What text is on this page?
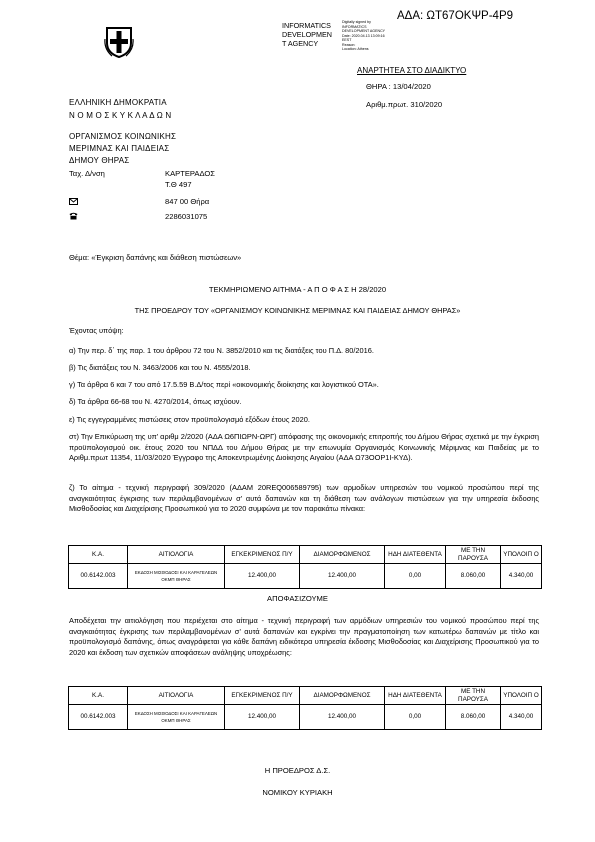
ΑΔΑ: ΩΤ67ΟΚΨΡ-4Ρ9
INFORMATICS
DEVELOPMEN
T AGENCY
Digitally signed by
INFORMATICS
DEVELOPMENT AGENCY
Date: 2020.04.13 13:09:16
EEST
Reason:
Location: Athens
ΑΝΑΡΤΗΤΕΑ ΣΤΟ ΔΙΑΔΙΚΤΥΟ
ΘΗΡΑ : 13/04/2020
Αριθμ.πρωτ. 310/2020
ΕΛΛΗΝΙΚΗ ΔΗΜΟΚΡΑΤΙΑ
Ν Ο Μ Ο Σ Κ Υ Κ Λ Α Δ Ω Ν
ΟΡΓΑΝΙΣΜΟΣ ΚΟΙΝΩΝΙΚΗΣ
ΜΕΡΙΜΝΑΣ ΚΑΙ ΠΑΙΔΕΙΑΣ
ΔΗΜΟΥ ΘΗΡΑΣ
Ταχ. Δ/νση	ΚΑΡΤΕΡΑΔΟΣ
Τ.Θ 497
847 00 Θήρα
2286031075
Θέμα: «Έγκριση δαπάνης και διάθεση πιστώσεων»
ΤΕΚΜΗΡΙΩΜΕΝΟ ΑΙΤΗΜΑ - Α Π Ο Φ Α Σ Η 28/2020
ΤΗΣ ΠΡΟΕΔΡΟΥ ΤΟΥ «ΟΡΓΑΝΙΣΜΟΥ ΚΟΙΝΩΝΙΚΗΣ ΜΕΡΙΜΝΑΣ ΚΑΙ ΠΑΙΔΕΙΑΣ ΔΗΜΟΥ ΘΗΡΑΣ»
Έχοντας υπόψη:
α) Την περ. δ΄ της παρ. 1 του άρθρου 72 του Ν. 3852/2010 και τις διατάξεις του Π.Δ. 80/2016.
β) Τις διατάξεις του Ν. 3463/2006 και του Ν. 4555/2018.
γ) Τα άρθρα 6 και 7 του από 17.5.59 Β.Δ/τος περί «οικονομικής διοίκησης και λογιστικού ΟΤΑ».
δ) Τα άρθρα 66-68 του Ν. 4270/2014, όπως ισχύουν.
ε) Τις εγγεγραμμένες πιστώσεις στον προϋπολογισμό εξόδων έτους 2020.
στ) Την Επικύρωση της υπ’ αριθμ 2/2020 (ΑΔΑ Ω6ΠΙΩΡΝ-ΩΡΓ) απόφασης της οικονομικής επιτροπής του Δήμου Θήρας σχετικά με την έγκριση προϋπολογισμού οικ. έτους 2020 του ΝΠΔΔ του Δήμου Θήρας με την επωνυμία Οργανισμός Κοινωνικής Μέριμνας και Παιδείας με το Αριθμ.πρωτ 11354, 11/03/2020 Έγγραφο της Αποκεντρωμένης Διοίκησης Αιγαίου (ΑΔΑ Ω73ΟΟΡ1Ι-ΚΥΔ).
ζ) Το αίτημα - τεχνική περιγραφή 309/2020 (ΑΔΑΜ 20REQ006589795) των αρμοδίων υπηρεσιών του νομικού προσώπου περί της αναγκαιότητας έγκρισης των περιλαμβανομένων σ’ αυτά δαπανών και τη διάθεση των ανάλογων πιστώσεων για την υπηρεσία έκδοσης Μισθοδοσίας και Διαχείρισης Προσωπικού για το 2020 συμφώνα με τον παρακάτω πίνακα:
Κ.Α.	ΑΙΤΙΟΛΟΓΙΑ	ΕΓΚΕΚΡΙΜΕΝΟΣ Π/Υ	ΔΙΑΜΟΡΦΩΜΕΝΟΣ	ΗΔΗ ΔΙΑΤΕΘΕΝΤΑ	ΜΕ ΤΗΝ ΠΑΡΟΥΣΑ	ΥΠΟΛΟΙΠ Ο
00.6142.003	ΕΚΔΟΣΗ ΜΙΣΘΟΔΟΣΙ ΚΑΙ ΚΑΡΑΓΕΛΕΩΝ ΟΚΜΠ ΘΗΡΑΣ	12.400,00	12.400,00	0,00	8.060,00	4.340,00
ΑΠΟΦΑΣΙΖΟΥΜΕ
Αποδέχεται την αιτιολόγηση που περιέχεται στο αίτημα - τεχνική περιγραφή των αρμόδιων υπηρεσιών του νομικού προσώπου περί της αναγκαιότητας έγκρισης των περιλαμβανομένων σ’ αυτά δαπανών και εγκρίνει την πραγματοποίηση των κατωτέρω δαπανών με τίτλο και προϋπολογισμό δαπάνης, όπως αναγράφεται για κάθε δαπάνη ειδικότερα υπηρεσία έκδοσης Μισθοδοσίας και Διαχείρισης Προσωπικού για το 2020 και έκδοση των σχετικών αποφάσεων ανάληψης υποχρέωσης:
Κ.Α.	ΑΙΤΙΟΛΟΓΙΑ	ΕΓΚΕΚΡΙΜΕΝΟΣ Π/Υ	ΔΙΑΜΟΡΦΩΜΕΝΟΣ	ΗΔΗ ΔΙΑΤΕΘΕΝΤΑ	ΜΕ ΤΗΝ ΠΑΡΟΥΣΑ	ΥΠΟΛΟΙΠ Ο
00.6142.003	ΕΚΔΟΣΗ ΜΙΣΘΟΔΟΣΙ ΚΑΙ ΚΑΡΑΓΕΛΕΩΝ ΟΚΜΠ ΘΗΡΑΣ	12.400,00	12.400,00	0,00	8.060,00	4.340,00
Η ΠΡΟΕΔΡΟΣ Δ.Σ.
ΝΟΜΙΚΟΥ ΚΥΡΙΑΚΗ
